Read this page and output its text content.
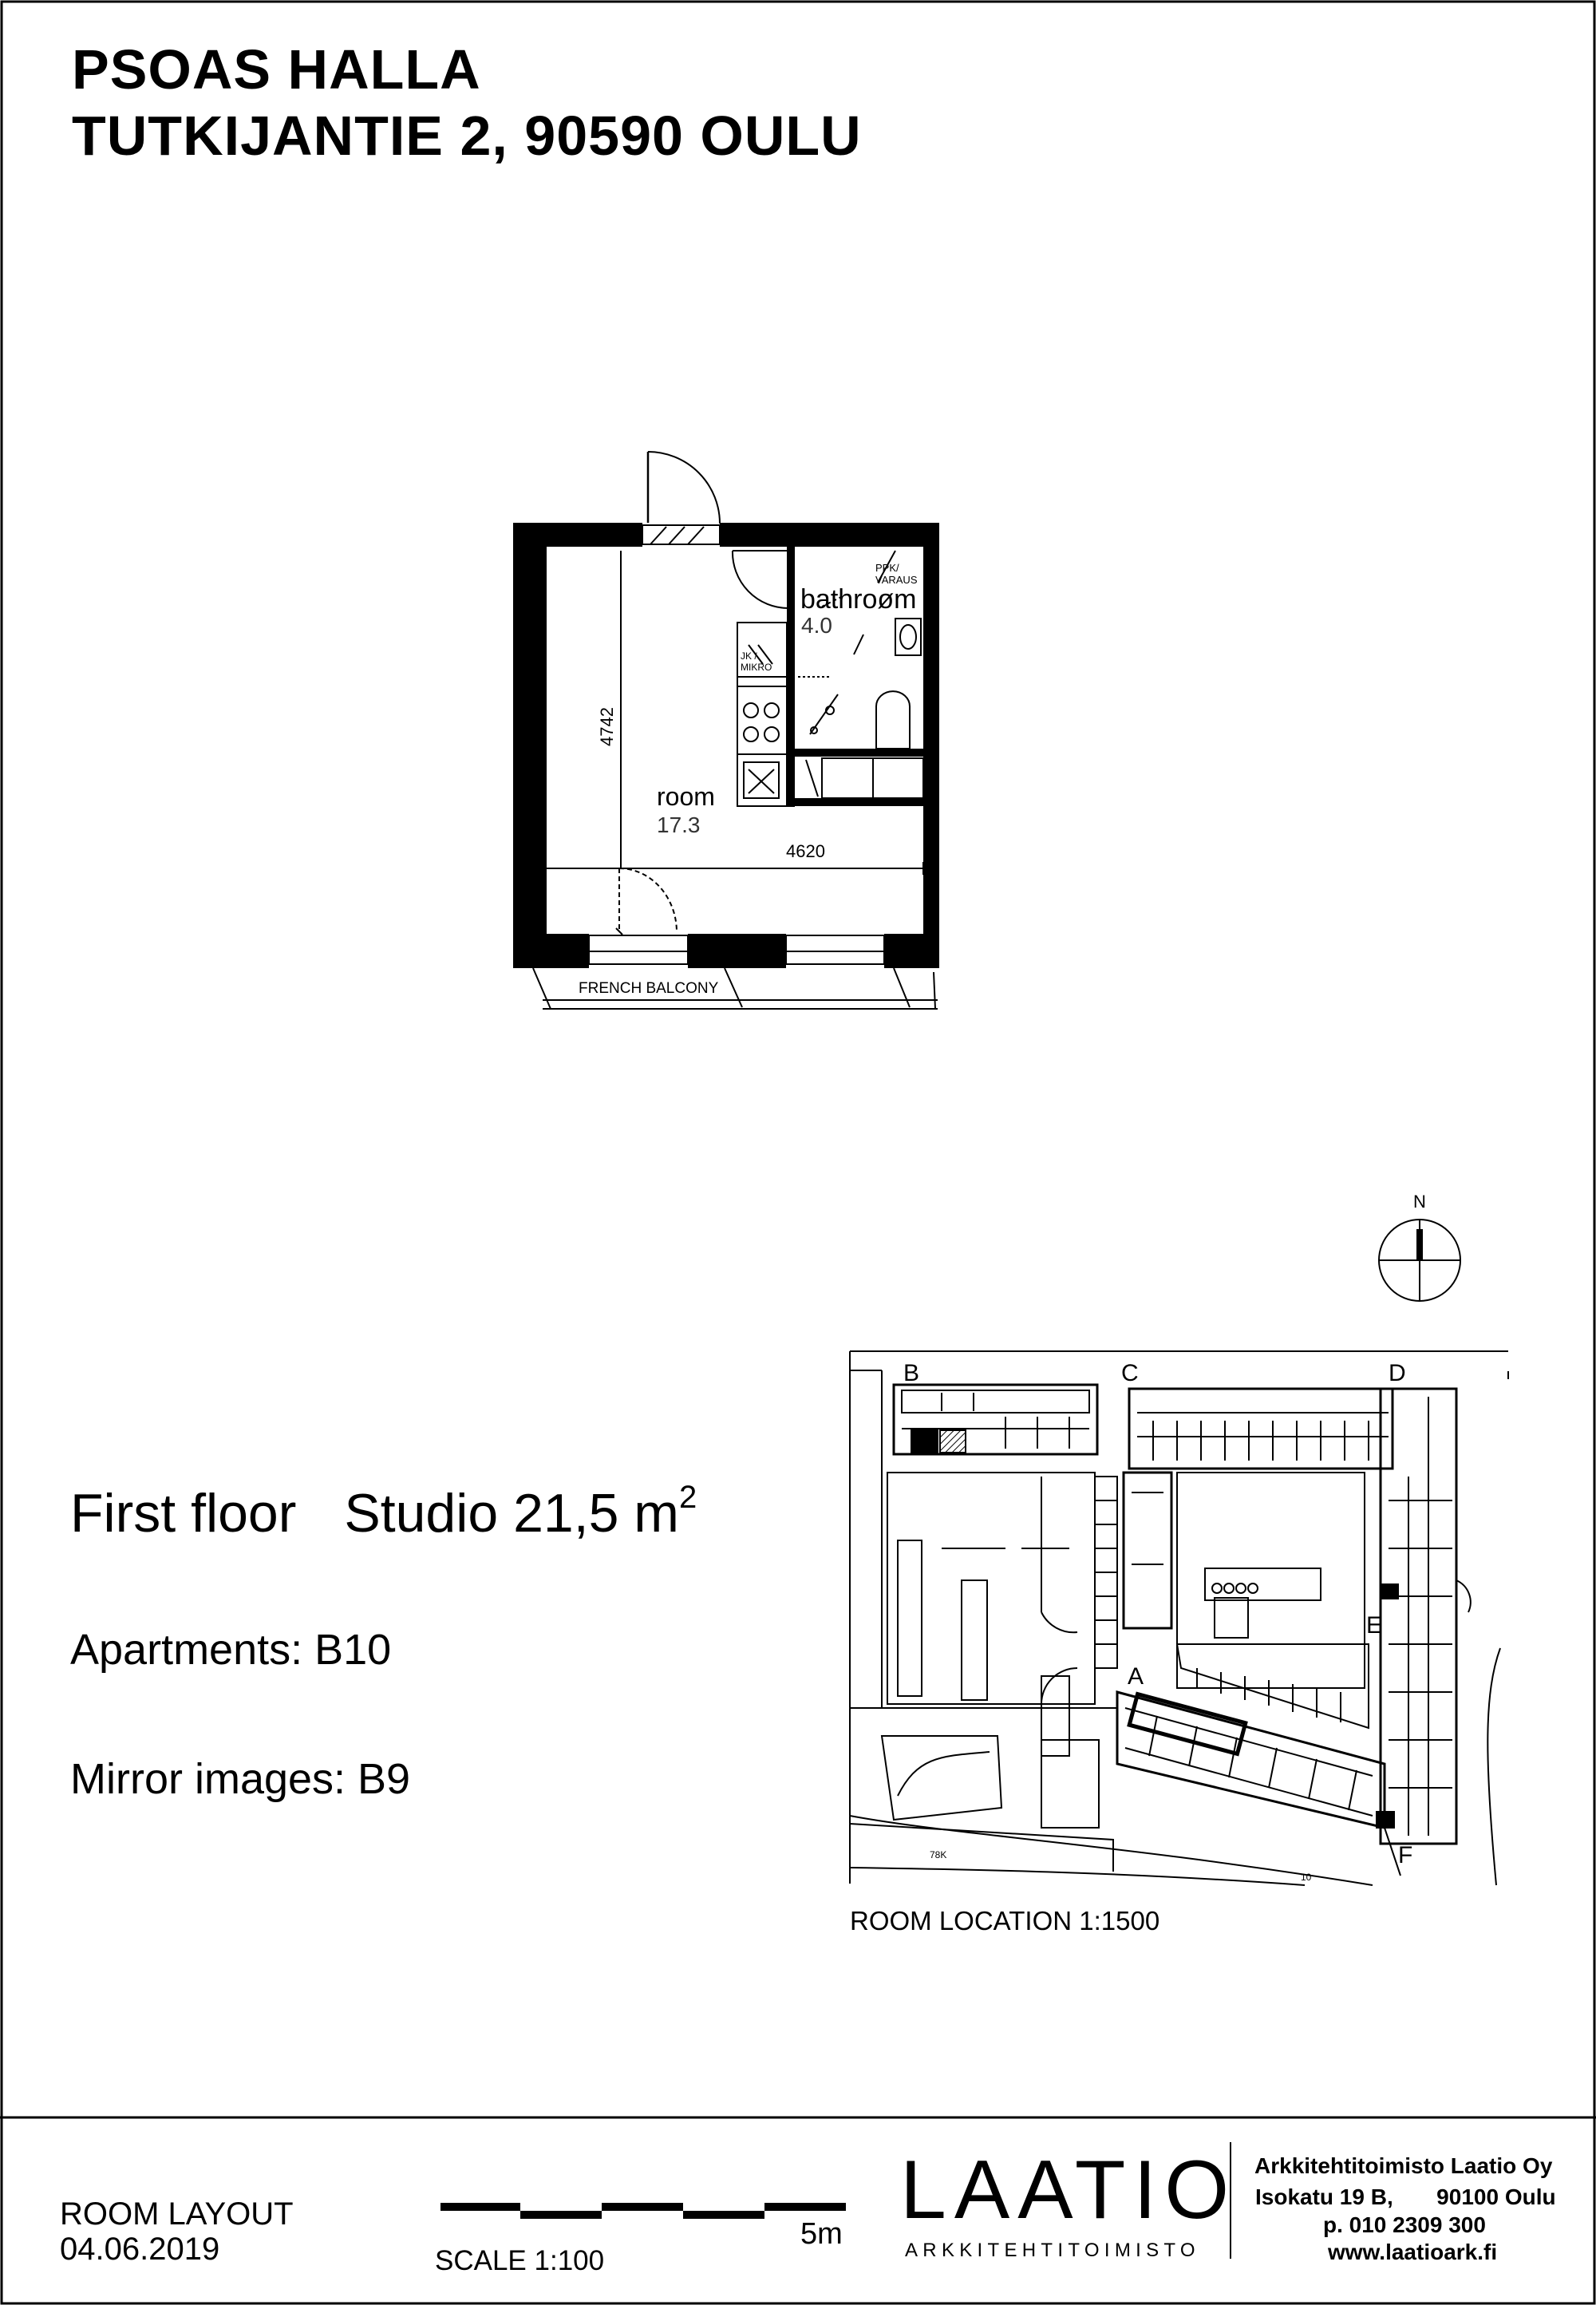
JK /
MIKRO
bathroøm
4.0
PPK/
VARAUS
room
17.3
4742
4620
FRENCH BALCONY
N
B	C	D
E
A
F
78K
10
PSOAS HALLA
TUTKIJANTIE 2, 90590 OULU
First floor Studio 21,5 $m^2$
Apartments: B10
Mirror images: B9
ROOM LOCATION 1:1500
ROOM LAYOUT
04.06.2019	SCALE 1:100
5m LAATIO
ARKKITEHTITOIMISTO
Arkkitehtitoimisto Laatio Oy
Isokatu 19 B,       90100 Oulu
p. 010 2309 300
www.laatioark.fi
